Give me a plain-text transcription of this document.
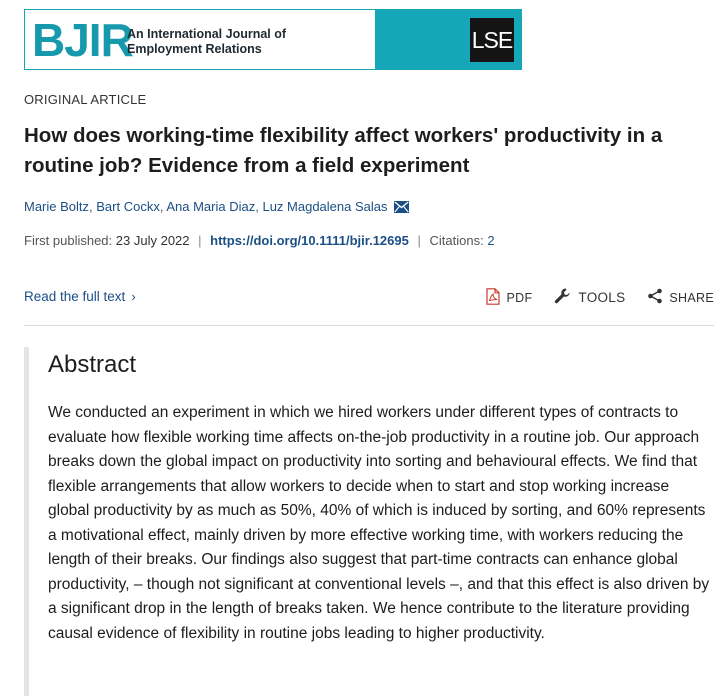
BJIR
An International Journal of
Employment Relations	LSE
ORIGINAL ARTICLE
How does working-time flexibility affect workers' productivity in a routine job? Evidence from a field experiment
Marie Boltz, Bart Cockx, Ana Maria Diaz, Luz Magdalena Salas
First published: 23 July 2022 | https://doi.org/10.1111/bjir.12695 | Citations: 2
Read the full text ›	PDF	TOOLS	SHARE
Abstract

We conducted an experiment in which we hired workers under different types of contracts to evaluate how flexible working time affects on-the-job productivity in a routine job. Our approach breaks down the global impact on productivity into sorting and behavioural effects. We find that flexible arrangements that allow workers to decide when to start and stop working increase global productivity by as much as 50%, 40% of which is induced by sorting, and 60% represents a motivational effect, mainly driven by more effective working time, with workers reducing the length of their breaks. Our findings also suggest that part-time contracts can enhance global productivity, – though not significant at conventional levels –, and that this effect is also driven by a significant drop in the length of breaks taken. We hence contribute to the literature providing causal evidence of flexibility in routine jobs leading to higher productivity.
